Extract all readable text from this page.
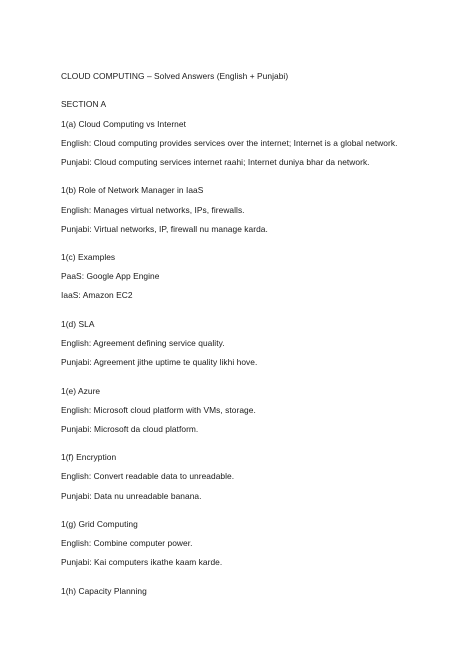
CLOUD COMPUTING – Solved Answers (English + Punjabi)
SECTION A
1(a) Cloud Computing vs Internet
English: Cloud computing provides services over the internet; Internet is a global network.
Punjabi: Cloud computing services internet raahi; Internet duniya bhar da network.
1(b) Role of Network Manager in IaaS
English: Manages virtual networks, IPs, firewalls.
Punjabi: Virtual networks, IP, firewall nu manage karda.
1(c) Examples
PaaS: Google App Engine
IaaS: Amazon EC2
1(d) SLA
English: Agreement defining service quality.
Punjabi: Agreement jithe uptime te quality likhi hove.
1(e) Azure
English: Microsoft cloud platform with VMs, storage.
Punjabi: Microsoft da cloud platform.
1(f) Encryption
English: Convert readable data to unreadable.
Punjabi: Data nu unreadable banana.
1(g) Grid Computing
English: Combine computer power.
Punjabi: Kai computers ikathe kaam karde.
1(h) Capacity Planning
